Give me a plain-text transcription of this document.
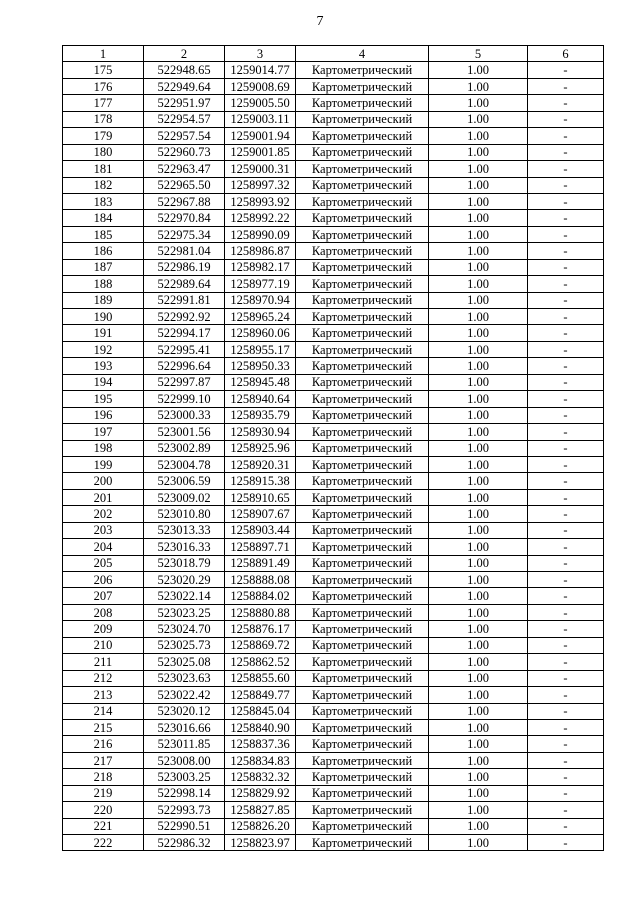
7
1	2	3	4	5	6
175	522948.65	1259014.77	Картометрический	1.00	-
176	522949.64	1259008.69	Картометрический	1.00	-
177	522951.97	1259005.50	Картометрический	1.00	-
178	522954.57	1259003.11	Картометрический	1.00	-
179	522957.54	1259001.94	Картометрический	1.00	-
180	522960.73	1259001.85	Картометрический	1.00	-
181	522963.47	1259000.31	Картометрический	1.00	-
182	522965.50	1258997.32	Картометрический	1.00	-
183	522967.88	1258993.92	Картометрический	1.00	-
184	522970.84	1258992.22	Картометрический	1.00	-
185	522975.34	1258990.09	Картометрический	1.00	-
186	522981.04	1258986.87	Картометрический	1.00	-
187	522986.19	1258982.17	Картометрический	1.00	-
188	522989.64	1258977.19	Картометрический	1.00	-
189	522991.81	1258970.94	Картометрический	1.00	-
190	522992.92	1258965.24	Картометрический	1.00	-
191	522994.17	1258960.06	Картометрический	1.00	-
192	522995.41	1258955.17	Картометрический	1.00	-
193	522996.64	1258950.33	Картометрический	1.00	-
194	522997.87	1258945.48	Картометрический	1.00	-
195	522999.10	1258940.64	Картометрический	1.00	-
196	523000.33	1258935.79	Картометрический	1.00	-
197	523001.56	1258930.94	Картометрический	1.00	-
198	523002.89	1258925.96	Картометрический	1.00	-
199	523004.78	1258920.31	Картометрический	1.00	-
200	523006.59	1258915.38	Картометрический	1.00	-
201	523009.02	1258910.65	Картометрический	1.00	-
202	523010.80	1258907.67	Картометрический	1.00	-
203	523013.33	1258903.44	Картометрический	1.00	-
204	523016.33	1258897.71	Картометрический	1.00	-
205	523018.79	1258891.49	Картометрический	1.00	-
206	523020.29	1258888.08	Картометрический	1.00	-
207	523022.14	1258884.02	Картометрический	1.00	-
208	523023.25	1258880.88	Картометрический	1.00	-
209	523024.70	1258876.17	Картометрический	1.00	-
210	523025.73	1258869.72	Картометрический	1.00	-
211	523025.08	1258862.52	Картометрический	1.00	-
212	523023.63	1258855.60	Картометрический	1.00	-
213	523022.42	1258849.77	Картометрический	1.00	-
214	523020.12	1258845.04	Картометрический	1.00	-
215	523016.66	1258840.90	Картометрический	1.00	-
216	523011.85	1258837.36	Картометрический	1.00	-
217	523008.00	1258834.83	Картометрический	1.00	-
218	523003.25	1258832.32	Картометрический	1.00	-
219	522998.14	1258829.92	Картометрический	1.00	-
220	522993.73	1258827.85	Картометрический	1.00	-
221	522990.51	1258826.20	Картометрический	1.00	-
222	522986.32	1258823.97	Картометрический	1.00	-
